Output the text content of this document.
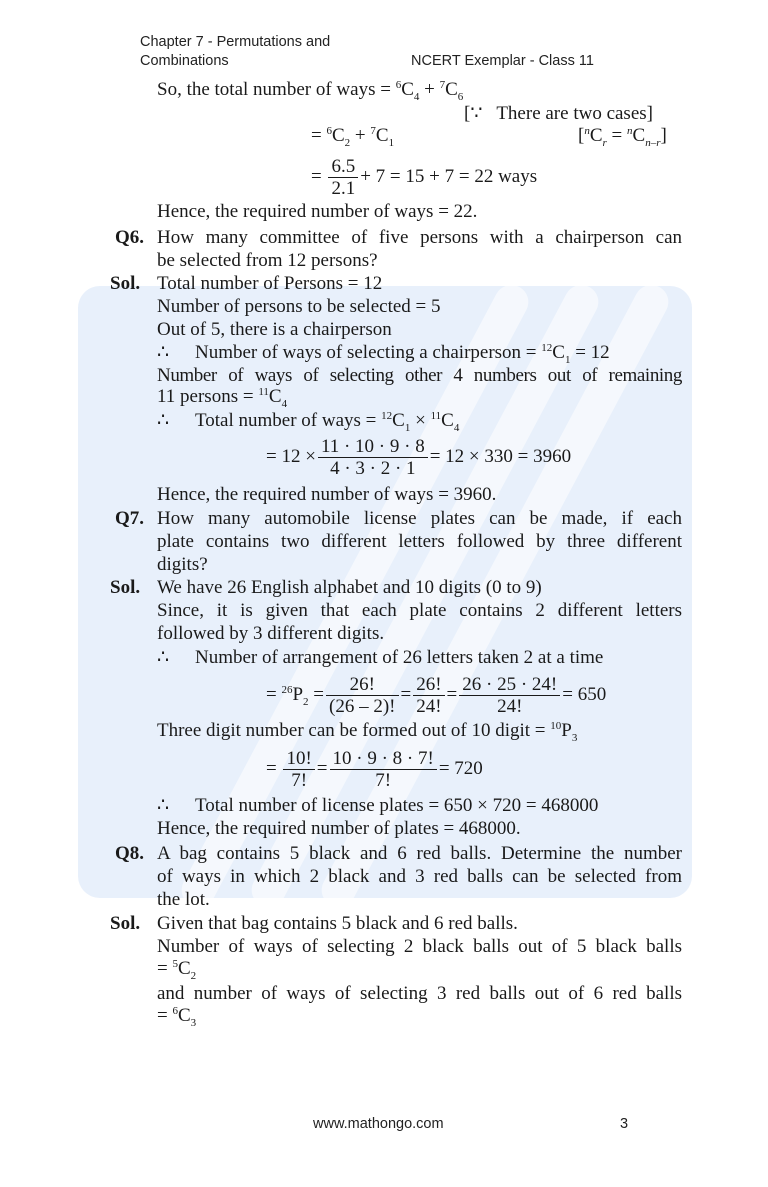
Chapter 7 - Permutations and
Combinations	NCERT Exemplar - Class 11
So, the total number of ways = $^6C_4 + ^7C_6$
[∵   There are two cases]
= $^6C_2 + ^7C_1$	$[^nC_r = ^nC_{n-r}]$
= $\frac{6.5}{2.1} + 7 = 15 + 7 = 22$ ways
Hence, the required number of ways = 22.
Q6. How many committee of five persons with a chairperson can
be selected from 12 persons?
Sol. Total number of Persons = 12
Number of persons to be selected = 5
Out of 5, there is a chairperson
∴ Number of ways of selecting a chairperson = $^{12}C_1 = 12$
Number of ways of selecting other 4 numbers out of remaining
11 persons = $^{11}C_4$
∴ Total number of ways = $^{12}C_1 \times ^{11}C_4$
= $12 \times \frac{11 \cdot 10 \cdot 9 \cdot 8}{4 \cdot 3 \cdot 2 \cdot 1} = 12 \times 330 = 3960$
Hence, the required number of ways = 3960.
Q7. How many automobile license plates can be made, if each
plate contains two different letters followed by three different
digits?
Sol. We have 26 English alphabet and 10 digits (0 to 9)
Since, it is given that each plate contains 2 different letters
followed by 3 different digits.
∴ Number of arrangement of 26 letters taken 2 at a time
= $^{26}P_2 = \frac{26!}{(26 - 2)!} = \frac{26!}{24!} = \frac{26 \cdot 25 \cdot 24!}{24!} = 650$
Three digit number can be formed out of 10 digit = $^{10}P_3$
= $\frac{10!}{7!} = \frac{10 \cdot 9 \cdot 8 \cdot 7!}{7!} = 720$
∴ Total number of license plates = 650 × 720 = 468000
Hence, the required number of plates = 468000.
Q8. A bag contains 5 black and 6 red balls. Determine the number
of ways in which 2 black and 3 red balls can be selected from
the lot.
Sol. Given that bag contains 5 black and 6 red balls.
Number of ways of selecting 2 black balls out of 5 black balls
= $^5C_2$
and number of ways of selecting 3 red balls out of 6 red balls
= $^6C_3$
www.mathongo.com	3
